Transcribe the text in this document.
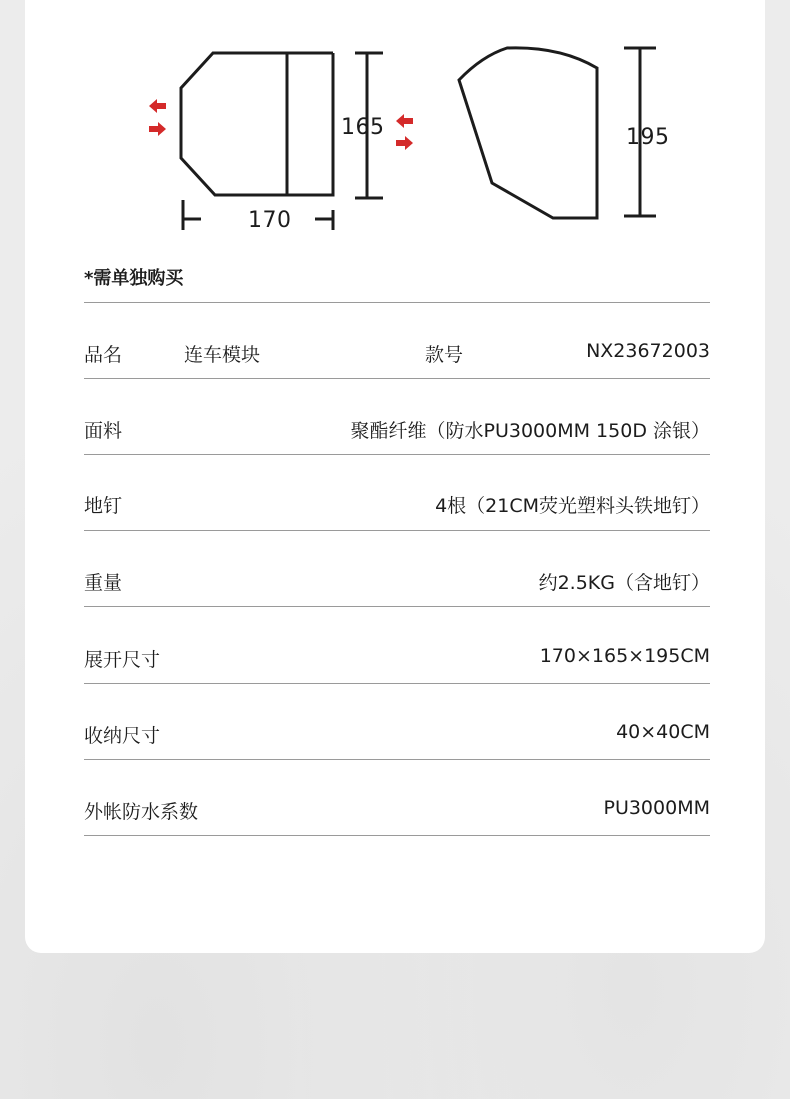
170
165	195
*需单独购买
品名	连车模块	款号	NX23672003
面料	聚酯纤维（防水PU3000MM 150D 涂银）
地钉	4根（21CM荧光塑料头铁地钉）
重量	约2.5KG（含地钉）
展开尺寸	170×165×195CM
收纳尺寸	40×40CM
外帐防水系数	PU3000MM
